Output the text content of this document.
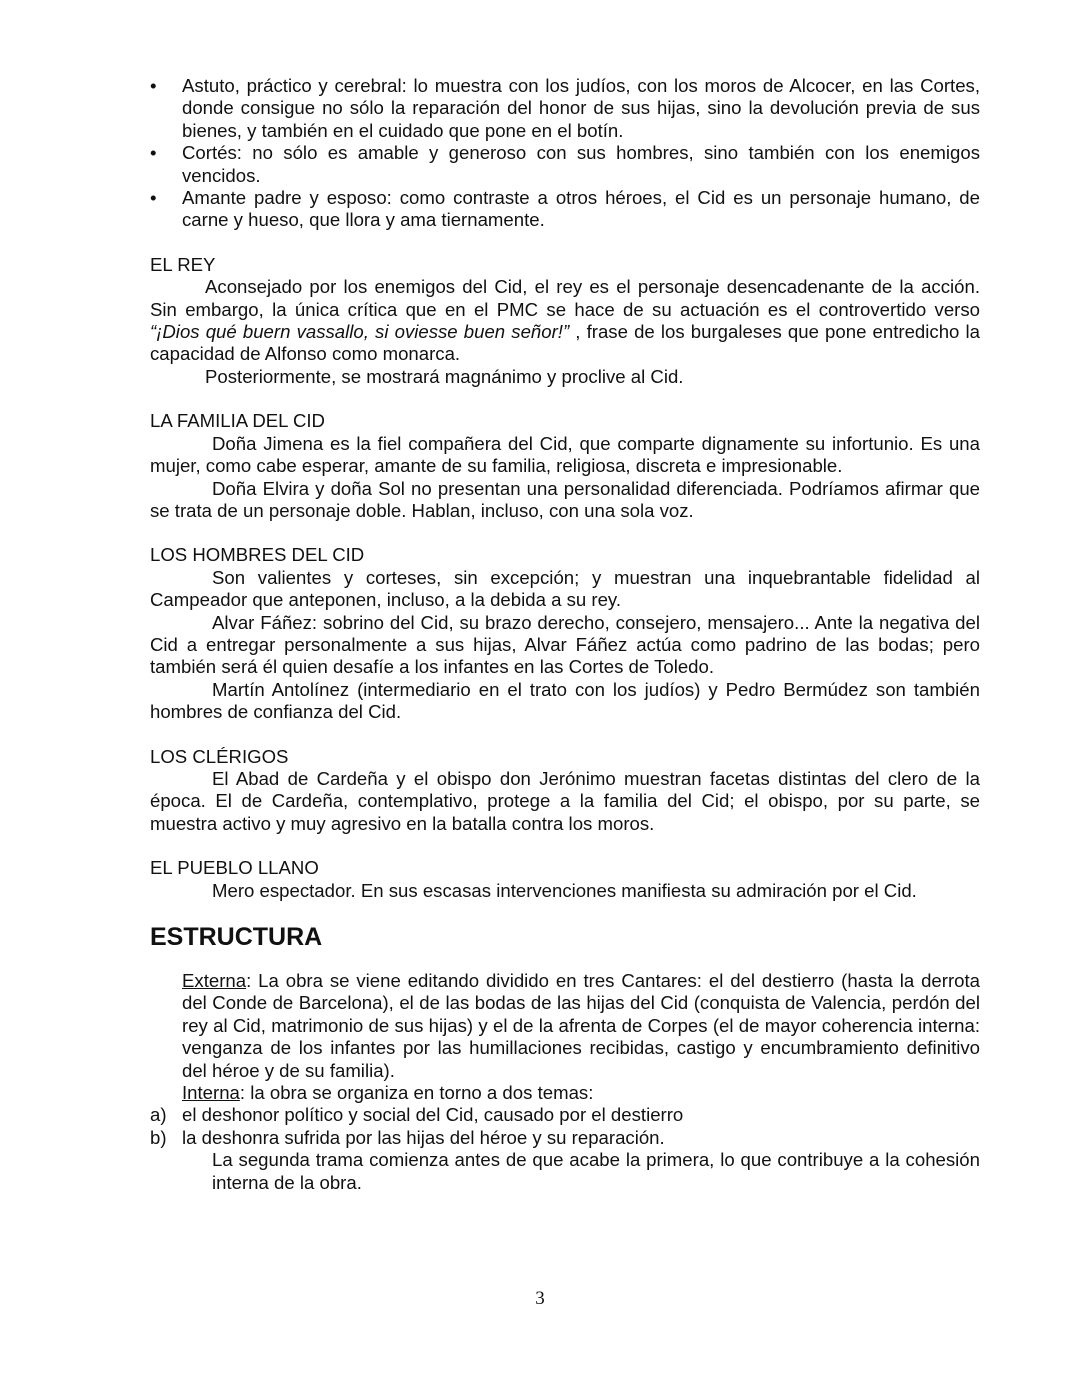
•	Astuto, práctico y cerebral: lo muestra con los judíos, con los moros de Alcocer, en las Cortes, donde consigue no sólo la reparación del honor de sus hijas, sino la devolución previa de sus bienes, y también en el cuidado que pone en el botín.
•	Cortés: no sólo es amable y generoso con sus hombres, sino también con los enemigos vencidos.
•	Amante padre y esposo: como contraste a otros héroes, el Cid es un personaje humano, de carne y hueso, que llora y ama tiernamente.

EL REY

Aconsejado por los enemigos del Cid, el rey es el personaje desencadenante de la acción. Sin embargo, la única crítica que en el PMC se hace de su actuación es el controvertido verso “¡Dios qué buern vassallo, si oviesse buen señor!” , frase de los burgaleses que pone entredicho la capacidad de Alfonso como monarca.

Posteriormente, se mostrará magnánimo y proclive al Cid.

LA FAMILIA DEL CID

Doña Jimena es la fiel compañera del Cid, que comparte dignamente su infortunio. Es una mujer, como cabe esperar, amante de su familia, religiosa, discreta e impresionable.

Doña Elvira y doña Sol no presentan una personalidad diferenciada. Podríamos afirmar que se trata de un personaje doble. Hablan, incluso, con una sola voz.

LOS HOMBRES DEL CID

Son valientes y corteses, sin excepción; y muestran una inquebrantable fidelidad al Campeador que anteponen, incluso, a la debida a su rey.

Alvar Fáñez: sobrino del Cid, su brazo derecho, consejero, mensajero... Ante la negativa del Cid a entregar personalmente a sus hijas, Alvar Fáñez actúa como padrino de las bodas; pero también será él quien desafíe a los infantes en las Cortes de Toledo.

Martín Antolínez (intermediario en el trato con los judíos) y Pedro Bermúdez son también hombres de confianza del Cid.

LOS CLÉRIGOS

El Abad de Cardeña y el obispo don Jerónimo muestran facetas distintas del clero de la época. El de Cardeña, contemplativo, protege a la familia del Cid; el obispo, por su parte, se muestra activo y muy agresivo en la batalla contra los moros.

EL PUEBLO LLANO

Mero espectador. En sus escasas intervenciones manifiesta su admiración por el Cid.

ESTRUCTURA

Externa: La obra se viene editando dividido en tres Cantares: el del destierro (hasta la derrota del Conde de Barcelona), el de las bodas de las hijas del Cid (conquista de Valencia, perdón del rey al Cid, matrimonio de sus hijas) y el de la afrenta de Corpes (el de mayor coherencia interna: venganza de los infantes por las humillaciones recibidas, castigo y encumbramiento definitivo del héroe y de su familia).

Interna: la obra se organiza en torno a dos temas:

a) el deshonor político y social del Cid, causado por el destierro
b) la deshonra sufrida por las hijas del héroe y su reparación.

La segunda trama comienza antes de que acabe la primera, lo que contribuye a la cohesión interna de la obra.

3
